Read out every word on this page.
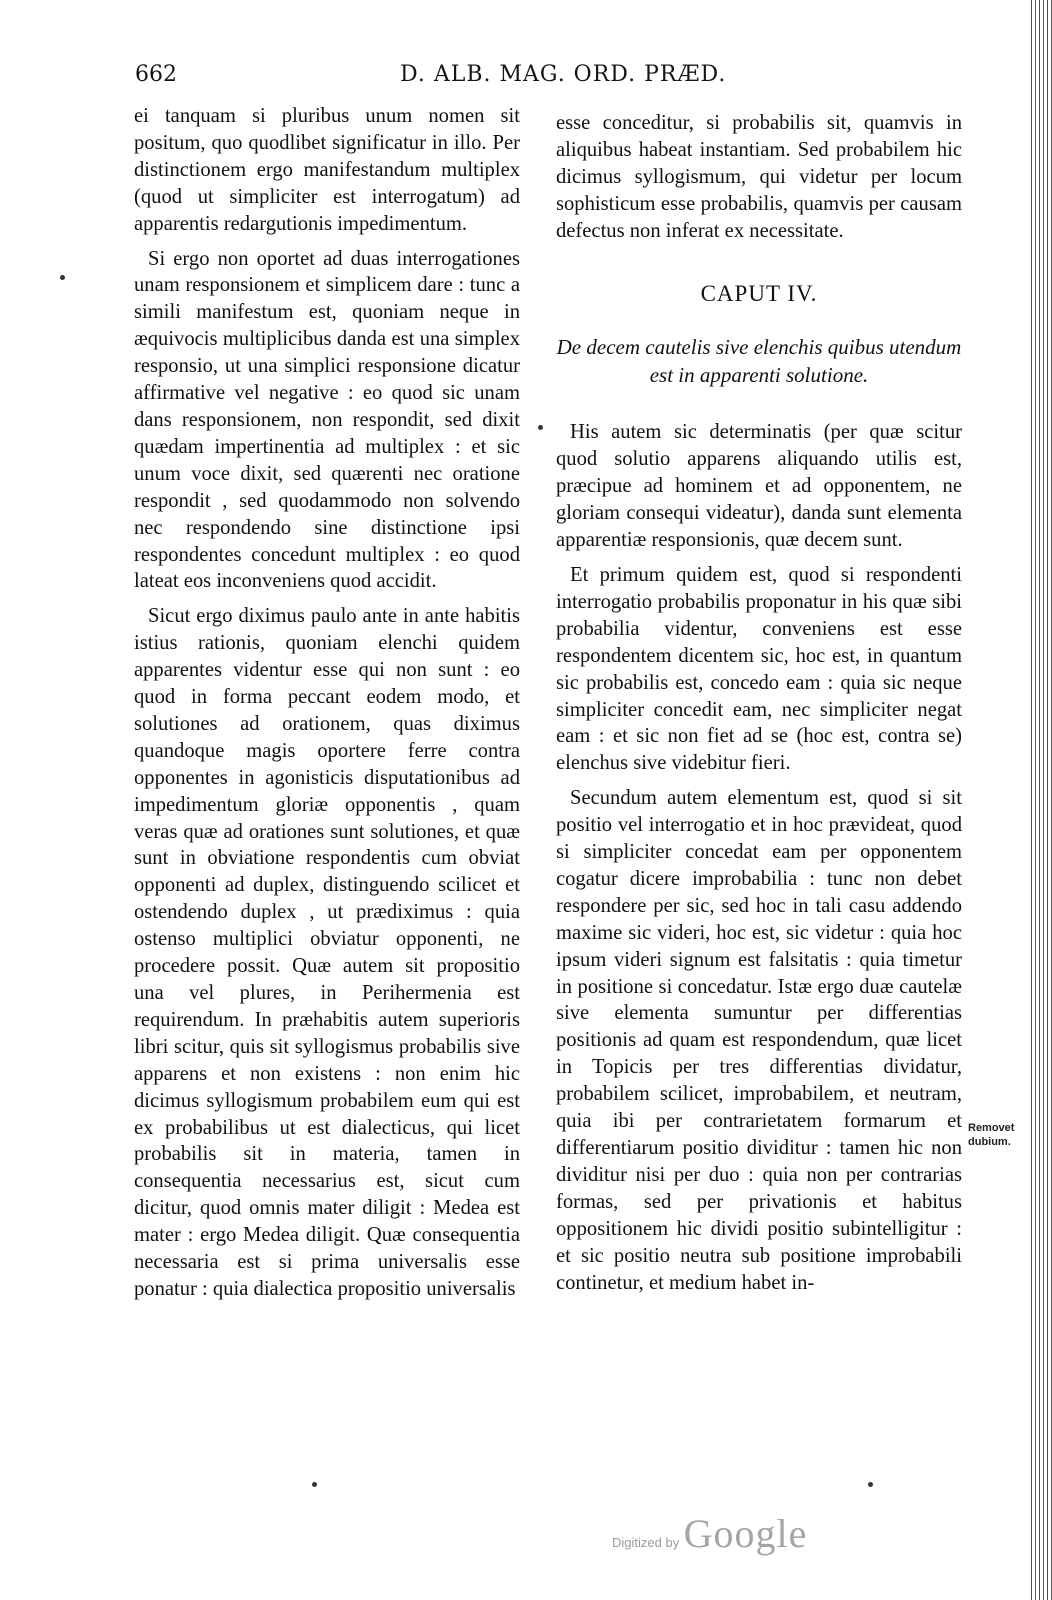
662	D. ALB. MAG. ORD. PRÆD.

ei tanquam si pluribus unum nomen sit positum, quo quodlibet significatur in illo. Per distinctionem ergo manifestandum multiplex (quod ut simpliciter est interrogatum) ad apparentis redargutionis impedimentum.

Si ergo non oportet ad duas interrogationes unam responsionem et simplicem dare : tunc a simili manifestum est, quoniam neque in æquivocis multiplicibus danda est una simplex responsio, ut una simplici responsione dicatur affirmative vel negative : eo quod sic unam dans responsionem, non respondit, sed dixit quædam impertinentia ad multiplex : et sic unum voce dixit, sed quærenti nec oratione respondit , sed quodammodo non solvendo nec respondendo sine distinctione ipsi respondentes concedunt multiplex : eo quod lateat eos inconveniens quod accidit.

Sicut ergo diximus paulo ante in ante habitis istius rationis, quoniam elenchi quidem apparentes videntur esse qui non sunt : eo quod in forma peccant eodem modo, et solutiones ad orationem, quas diximus quandoque magis oportere ferre contra opponentes in agonisticis disputationibus ad impedimentum gloriæ opponentis , quam veras quæ ad orationes sunt solutiones, et quæ sunt in obviatione respondentis cum obviat opponenti ad duplex, distinguendo scilicet et ostendendo duplex , ut prædiximus : quia ostenso multiplici obviatur opponenti, ne procedere possit. Quæ autem sit propositio una vel plures, in Perihermenia est requirendum. In præhabitis autem superioris libri scitur, quis sit syllogismus probabilis sive apparens et non existens : non enim hic dicimus syllogismum probabilem eum qui est ex probabilibus ut est dialecticus, qui licet probabilis sit in materia, tamen in consequentia necessarius est, sicut cum dicitur, quod omnis mater diligit : Medea est mater : ergo Medea diligit. Quæ consequentia necessaria est si prima universalis esse ponatur : quia dialectica propositio universalis

esse conceditur, si probabilis sit, quamvis in aliquibus habeat instantiam. Sed probabilem hic dicimus syllogismum, qui videtur per locum sophisticum esse probabilis, quamvis per causam defectus non inferat ex necessitate.

CAPUT IV.
De decem cautelis sive elenchis quibus utendum est in apparenti solutione.

His autem sic determinatis (per quæ scitur quod solutio apparens aliquando utilis est, præcipue ad hominem et ad opponentem, ne gloriam consequi videatur), danda sunt elementa apparentiæ responsionis, quæ decem sunt.

Et primum quidem est, quod si respondenti interrogatio probabilis proponatur in his quæ sibi probabilia videntur, conveniens est esse respondentem dicentem sic, hoc est, in quantum sic probabilis est, concedo eam : quia sic neque simpliciter concedit eam, nec simpliciter negat eam : et sic non fiet ad se (hoc est, contra se) elenchus sive videbitur fieri.

Secundum autem elementum est, quod si sit positio vel interrogatio et in hoc prævideat, quod si simpliciter concedat eam per opponentem cogatur dicere improbabilia : tunc non debet respondere per sic, sed hoc in tali casu addendo maxime sic videri, hoc est, sic videtur : quia hoc ipsum videri signum est falsitatis : quia timetur in positione si concedatur. Istæ ergo duæ cautelæ sive elementa sumuntur per differentias positionis ad quam est respondendum, quæ licet in Topicis per tres differentias dividatur, probabilem scilicet, improbabilem, et neutram, quia ibi per contrarietatem formarum et differentiarum positio dividitur : tamen hic non dividitur nisi per duo : quia non per contrarias formas, sed per privationis et habitus oppositionem hic dividi positio subintelligitur : et sic positio neutra sub positione improbabili continetur, et medium habet in-

Removet
dubium.
Digitized by Google
